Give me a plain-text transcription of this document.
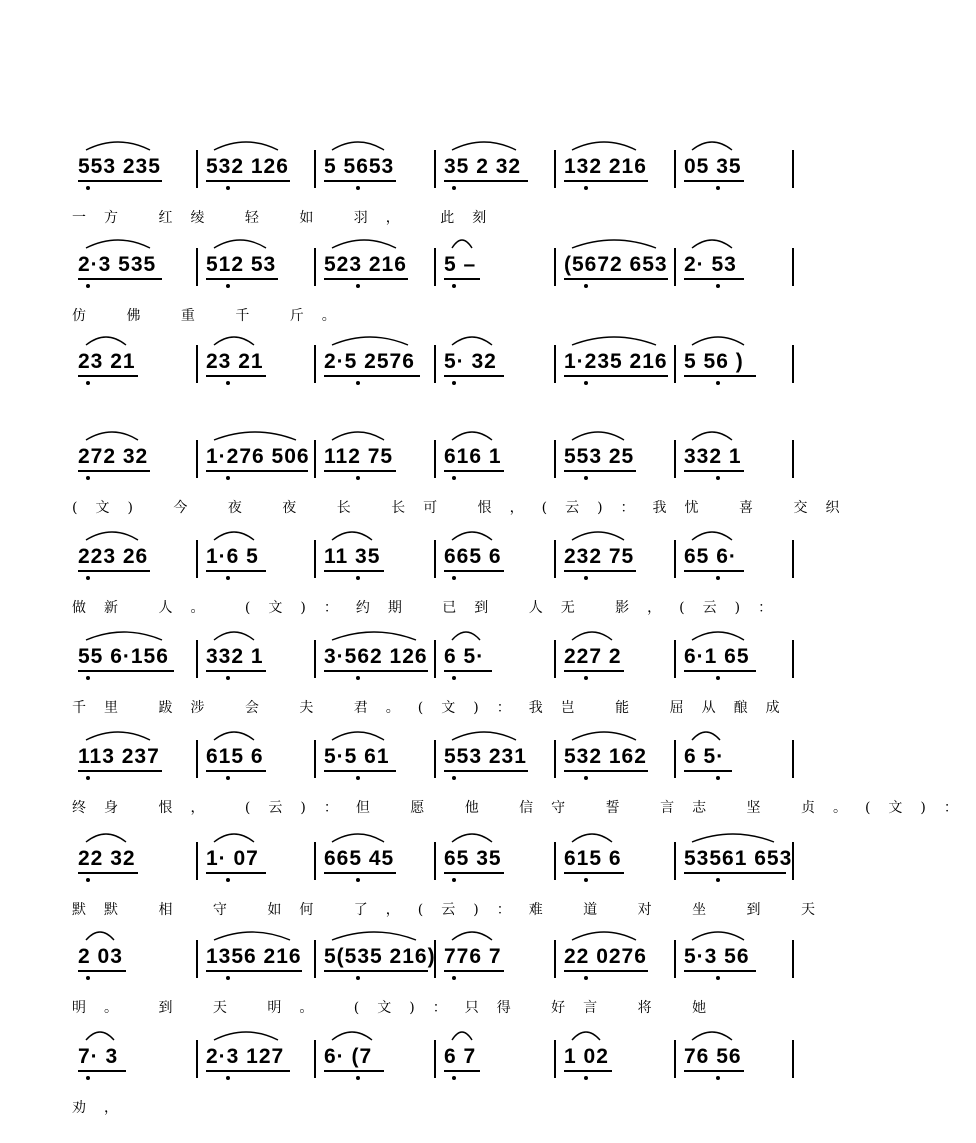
553 235 532 126 5 5653 35 2 32 132 216 05 35
一方 红绫 轻 如 羽， 此刻
2·3 535 512 53 523 216 5 –	(5672 653 2· 53
仿 佛 重 千 斤。
23 21	23 21	2·5 2576 5· 32	1·235 216 5 56 )
272 32	1·276 506 112 75 616 1	553 25 332 1
(文) 今 夜 夜 长 长可 恨，(云)：我忧 喜 交织
223 26	1·6 5	11 35	665 6	232 75 65 6·
做新 人。 (文)：约期 已到 人无 影，(云)：
55 6·156 332 1	3·562 126 6 5·	227 2	6·1 65
千里 跋涉 会 夫 君。(文)：我岂 能 屈从酿成
113 237 615 6	5·5 61	553 231 532 162 6 5·
终身 恨， (云)：但 愿 他 信守 誓 言志 坚 贞。(文)：
22 32	1· 07	665 45 65 35	615 6	53561 653
默默 相 守 如何 了，(云)：难 道 对 坐 到 天
2 03	1356 216 5(535 216) 776 7	22 0276 5·3 56
明。 到 天 明。 (文)：只得 好言 将 她
7· 3	2·3 127 6· (7	6 7	1 02	76 56
劝，
